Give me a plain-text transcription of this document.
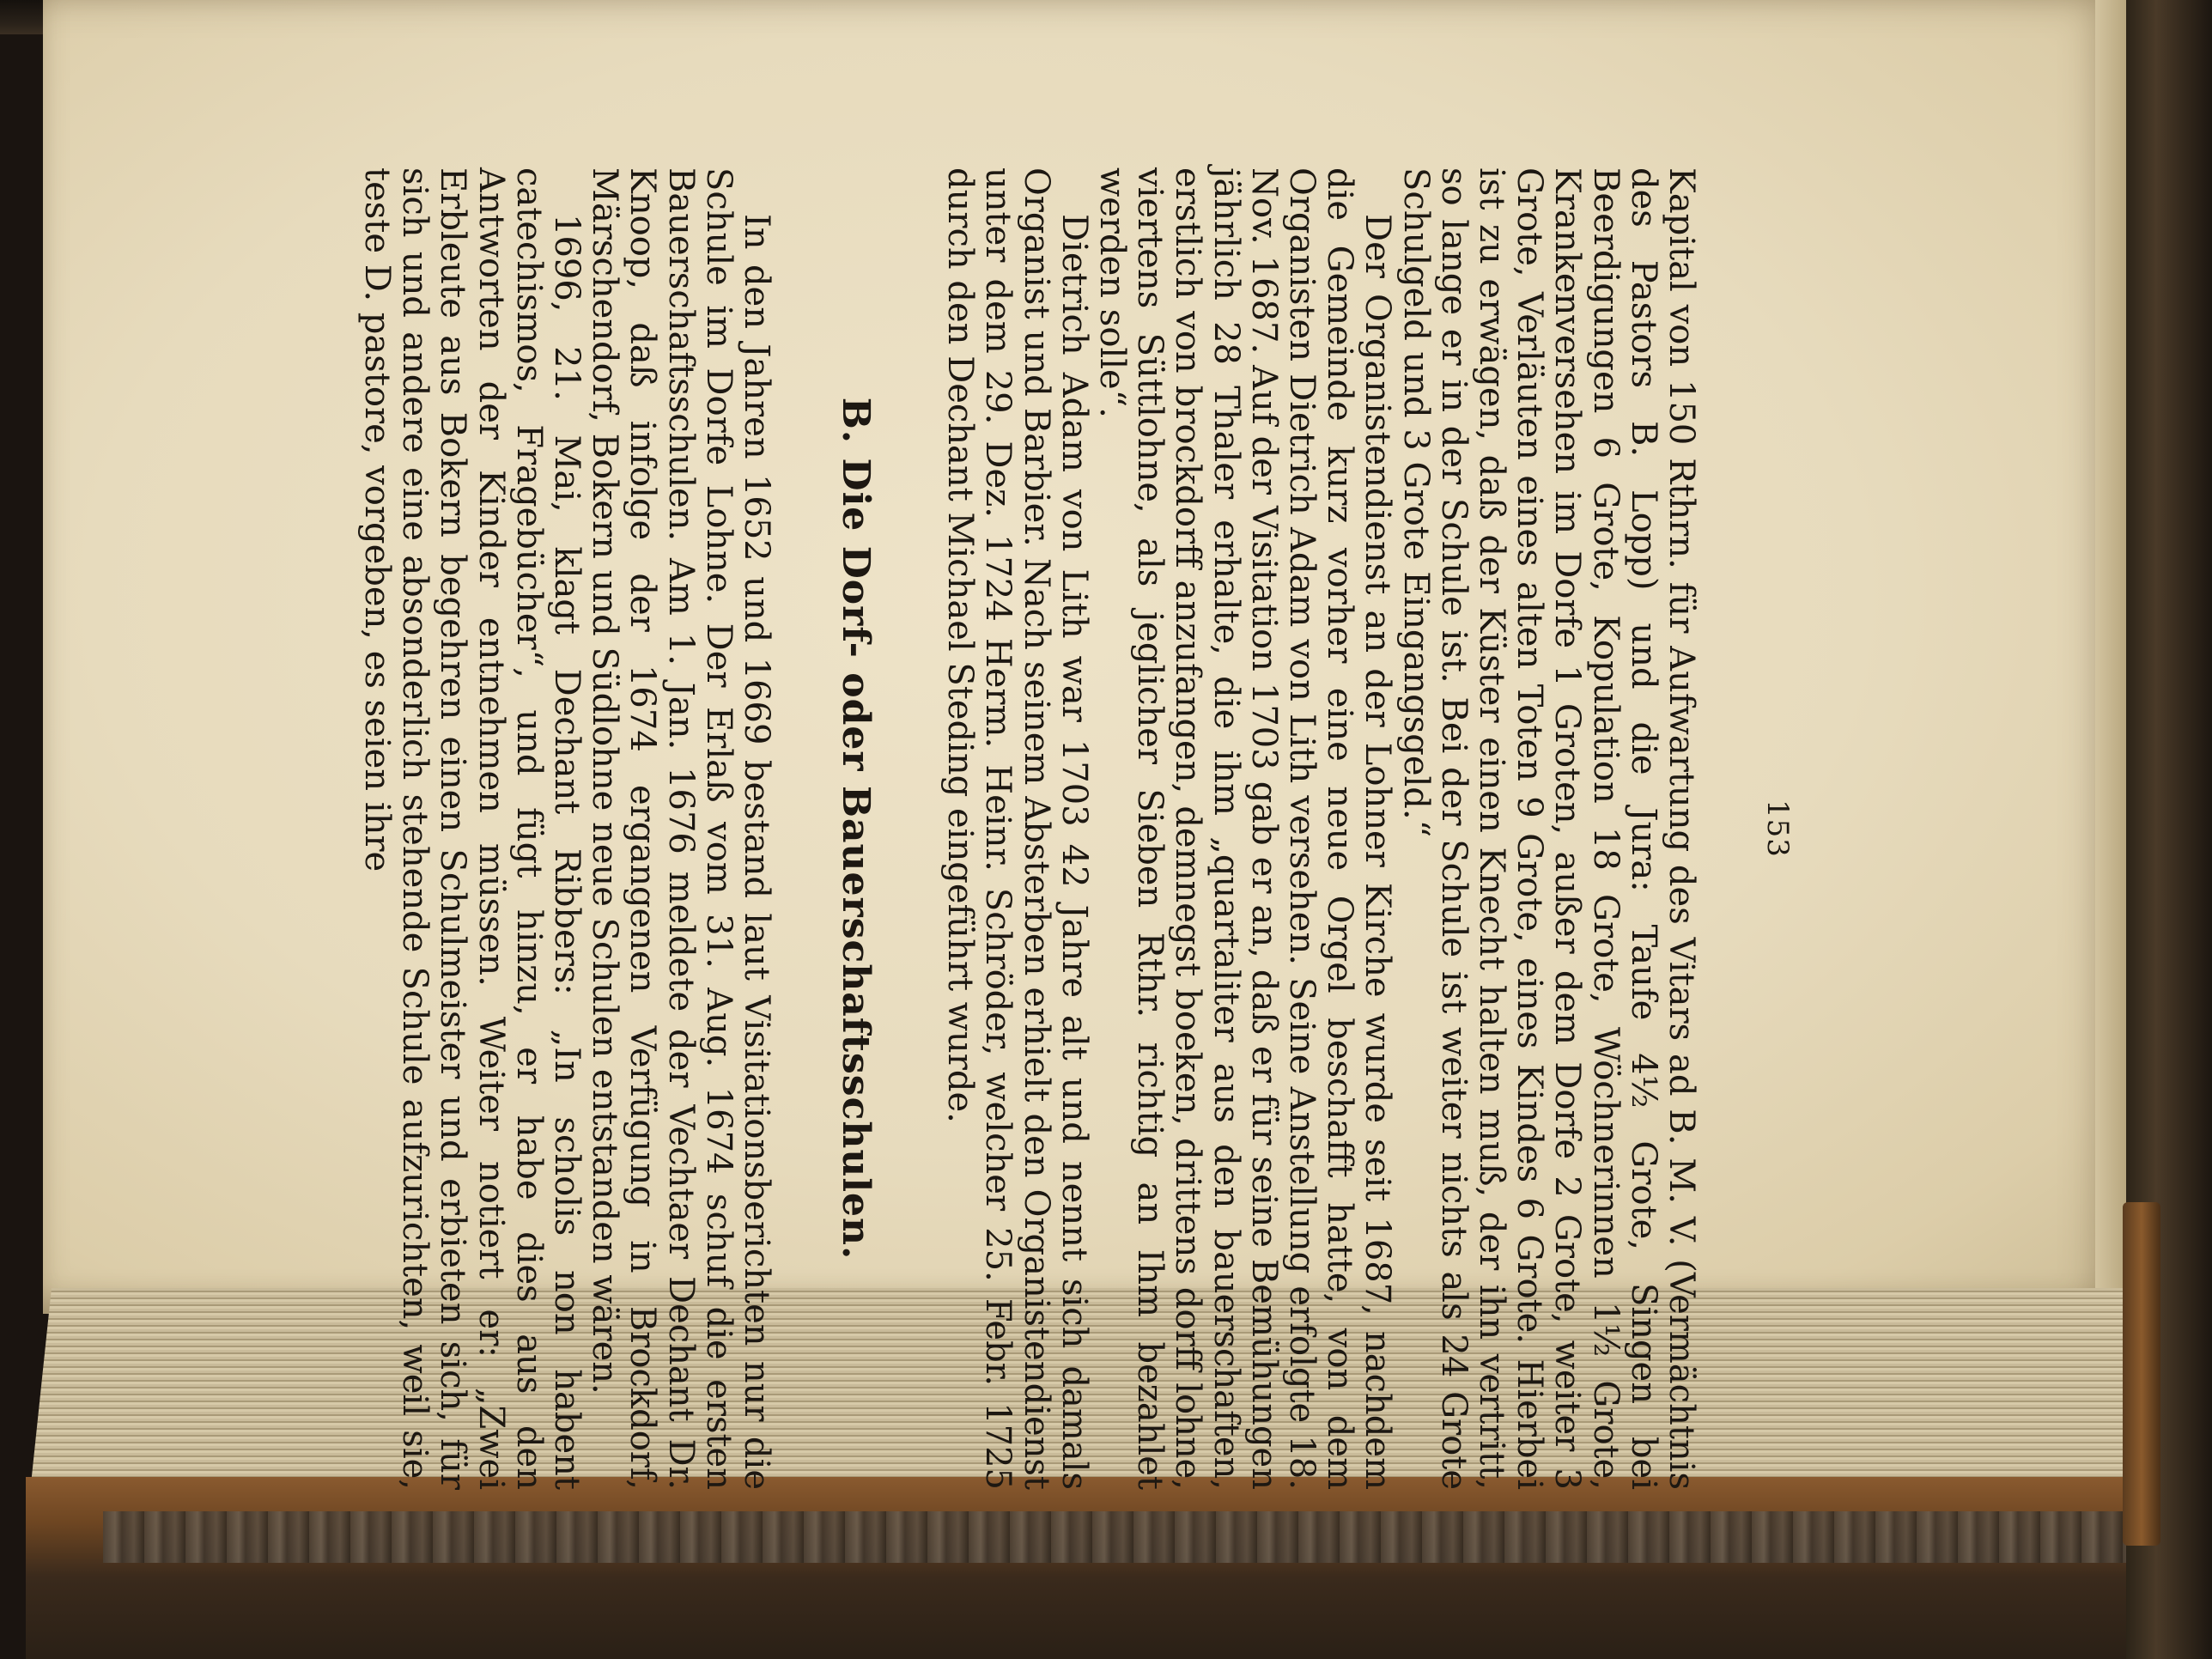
153

Kapital von 150 Rthrn. für Aufwartung des Vitars ad B. M. V. (Vermächtnis des Pastors B. Lopp) und die Jura: Taufe 4½ Grote, Singen bei Beerdigungen 6 Grote, Kopulation 18 Grote, Wöchnerinnen 1½ Grote, Krankenversehen im Dorfe 1 Groten, außer dem Dorfe 2 Grote, weiter 3 Grote, Verläuten eines alten Toten 9 Grote, eines Kindes 6 Grote. Hierbei ist zu erwägen, daß der Küster einen Knecht halten muß, der ihn vertritt, so lange er in der Schule ist. Bei der Schule ist weiter nichts als 24 Grote Schulgeld und 3 Grote Eingangsgeld.“

Der Organistendienst an der Lohner Kirche wurde seit 1687, nachdem die Gemeinde kurz vorher eine neue Orgel beschafft hatte, von dem Organisten Dietrich Adam von Lith versehen. Seine Anstellung erfolgte 18. Nov. 1687. Auf der Visitation 1703 gab er an, daß er für seine Bemühungen jährlich 28 Thaler erhalte, die ihm „quartaliter aus den bauerschaften, erstlich von brockdorff anzufangen, demnegst boeken, drittens dorff lohne, viertens Süttlohne, als jeglicher Sieben Rthr. richtig an Ihm bezahlet werden solle“.

Dietrich Adam von Lith war 1703 42 Jahre alt und nennt sich damals Organist und Barbier. Nach seinem Absterben erhielt den Organistendienst unter dem 29. Dez. 1724 Herm. Heinr. Schröder, welcher 25. Febr. 1725 durch den Dechant Michael Steding eingeführt wurde.

B. Die Dorf- oder Bauerschaftsschulen.

In den Jahren 1652 und 1669 bestand laut Visitationsberichten nur die Schule im Dorfe Lohne. Der Erlaß vom 31. Aug. 1674 schuf die ersten Bauerschaftsschulen. Am 1. Jan. 1676 meldete der Vechtaer Dechant Dr. Knoop, daß infolge der 1674 ergangenen Verfügung in Brockdorf, Märschendorf, Bokern und Südlohne neue Schulen entstanden wären.

1696, 21. Mai, klagt Dechant Ribbers: „In scholis non habent catechismos, Fragebücher“, und fügt hinzu, er habe dies aus den Antworten der Kinder entnehmen müssen. Weiter notiert er: „Zwei Erbleute aus Bokern begehren einen Schulmeister und erbieten sich, für sich und andere eine absonderlich stehende Schule aufzurichten, weil sie, teste D. pastore, vorgeben, es seien ihre
